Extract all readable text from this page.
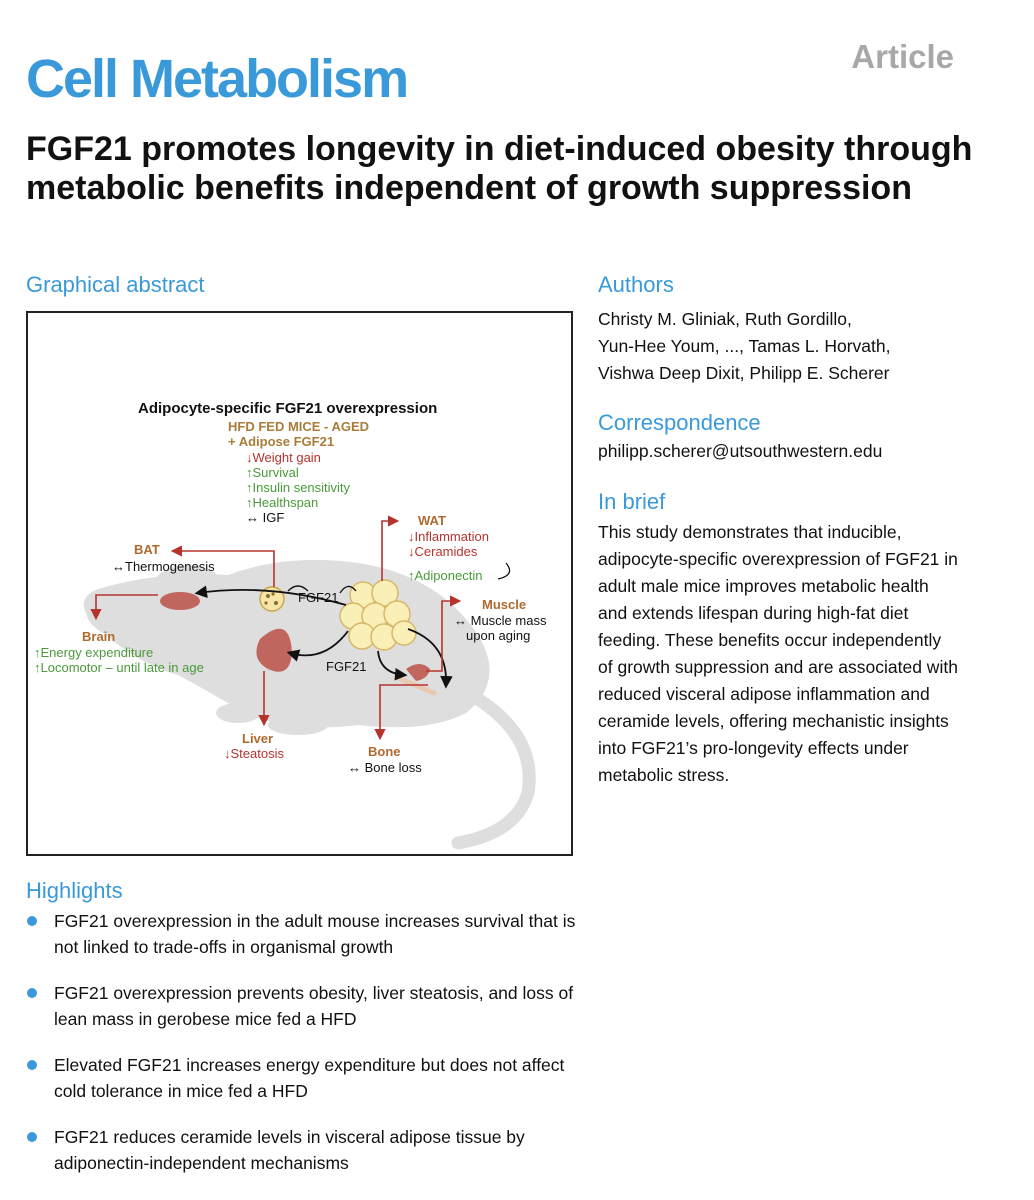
Cell Metabolism	Article
FGF21 promotes longevity in diet-induced obesity through metabolic benefits independent of growth suppression
Graphical abstract
Adipocyte-specific FGF21 overexpression
HFD FED MICE - AGED
+ Adipose FGF21
↓Weight gain
↑Survival
↑Insulin sensitivity
↑Healthspan
↔ IGF
BAT
↔Thermogenesis
Brain
↑Energy expenditure
↑Locomotor – until late in age
WAT
↓Inflammation
↓Ceramides
↑Adiponectin
FGF21
FGF21
Muscle
↔ Muscle mass
upon aging
Liver
↓Steatosis	Bone
↔ Bone loss
Authors
Christy M. Gliniak, Ruth Gordillo,
Yun-Hee Youm, ..., Tamas L. Horvath,
Vishwa Deep Dixit, Philipp E. Scherer
Correspondence
philipp.scherer@utsouthwestern.edu
In brief
This study demonstrates that inducible, adipocyte-specific overexpression of FGF21 in adult male mice improves metabolic health and extends lifespan during high-fat diet feeding. These benefits occur independently of growth suppression and are associated with reduced visceral adipose inflammation and ceramide levels, offering mechanistic insights into FGF21’s pro-longevity effects under metabolic stress.
Highlights
FGF21 overexpression in the adult mouse increases survival that is not linked to trade-offs in organismal growth
FGF21 overexpression prevents obesity, liver steatosis, and loss of lean mass in gerobese mice fed a HFD
Elevated FGF21 increases energy expenditure but does not affect cold tolerance in mice fed a HFD
FGF21 reduces ceramide levels in visceral adipose tissue by adiponectin-independent mechanisms
